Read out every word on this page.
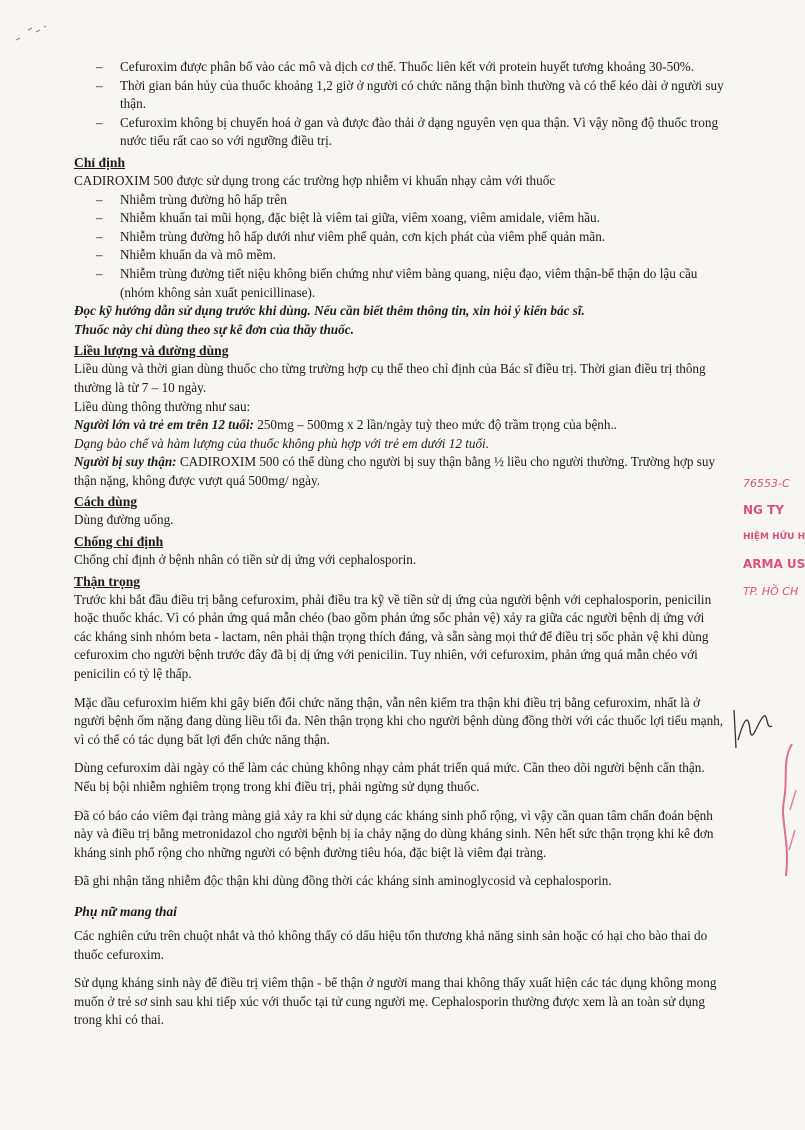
– Cefuroxim được phân bố vào các mô và dịch cơ thể. Thuốc liên kết với protein huyết tương khoảng 30-50%.
– Thời gian bán hủy của thuốc khoảng 1,2 giờ ở người có chức năng thận bình thường và có thể kéo dài ở người suy thận.
– Cefuroxim không bị chuyển hoá ở gan và được đào thải ở dạng nguyên vẹn qua thận. Vì vậy nồng độ thuốc trong nước tiểu rất cao so với ngưỡng điều trị.
Chỉ định

CADIROXIM 500 được sử dụng trong các trường hợp nhiễm vi khuẩn nhạy cảm với thuốc

– Nhiễm trùng đường hô hấp trên
– Nhiễm khuẩn tai mũi họng, đặc biệt là viêm tai giữa, viêm xoang, viêm amidale, viêm hầu.
– Nhiễm trùng đường hô hấp dưới như viêm phế quản, cơn kịch phát của viêm phế quản mãn.
– Nhiễm khuẩn da và mô mềm.
– Nhiễm trùng đường tiết niệu không biến chứng như viêm bàng quang, niệu đạo, viêm thận-bể thận do lậu cầu (nhóm không sản xuất penicillinase).

Đọc kỹ hướng dẫn sử dụng trước khi dùng. Nếu cần biết thêm thông tin, xin hỏi ý kiến bác sĩ.

Thuốc này chỉ dùng theo sự kê đơn của thầy thuốc.

Liều lượng và đường dùng

Liều dùng và thời gian dùng thuốc cho từng trường hợp cụ thể theo chỉ định của Bác sĩ điều trị. Thời gian điều trị thông thường là từ 7 – 10 ngày.

Liều dùng thông thường như sau:

Người lớn và trẻ em trên 12 tuổi: 250mg – 500mg x 2 lần/ngày tuỳ theo mức độ trầm trọng của bệnh..

Dạng bào chế và hàm lượng của thuốc không phù hợp với trẻ em dưới 12 tuổi.

Người bị suy thận: CADIROXIM 500 có thể dùng cho người bị suy thận bằng ½ liều cho người thường. Trường hợp suy thận nặng, không được vượt quá 500mg/ ngày.

Cách dùng

Dùng đường uống.

Chống chỉ định

Chống chỉ định ở bệnh nhân có tiền sử dị ứng với cephalosporin.

Thận trọng

Trước khi bắt đầu điều trị bằng cefuroxim, phải điều tra kỹ về tiền sử dị ứng của người bệnh với cephalosporin, penicilin hoặc thuốc khác. Vì có phản ứng quá mẫn chéo (bao gồm phản ứng sốc phản vệ) xảy ra giữa các người bệnh dị ứng với các kháng sinh nhóm beta - lactam, nên phải thận trọng thích đáng, và sẵn sàng mọi thứ để điều trị sốc phản vệ khi dùng cefuroxim cho người bệnh trước đây đã bị dị ứng với penicilin. Tuy nhiên, với cefuroxim, phản ứng quá mẫn chéo với penicilin có tỷ lệ thấp.

Mặc dầu cefuroxim hiếm khi gây biến đổi chức năng thận, vẫn nên kiểm tra thận khi điều trị bằng cefuroxim, nhất là ở người bệnh ốm nặng đang dùng liều tối đa. Nên thận trọng khi cho người bệnh dùng đồng thời với các thuốc lợi tiểu mạnh, vì có thể có tác dụng bất lợi đến chức năng thận.

Dùng cefuroxim dài ngày có thể làm các chủng không nhạy cảm phát triển quá mức. Cần theo dõi người bệnh cẩn thận. Nếu bị bội nhiễm nghiêm trọng trong khi điều trị, phải ngừng sử dụng thuốc.

Đã có báo cáo viêm đại tràng màng giả xảy ra khi sử dụng các kháng sinh phổ rộng, vì vậy cần quan tâm chẩn đoán bệnh này và điều trị bằng metronidazol cho người bệnh bị ỉa chảy nặng do dùng kháng sinh. Nên hết sức thận trọng khi kê đơn kháng sinh phổ rộng cho những người có bệnh đường tiêu hóa, đặc biệt là viêm đại tràng.

Đã ghi nhận tăng nhiễm độc thận khi dùng đồng thời các kháng sinh aminoglycosid và cephalosporin.

Phụ nữ mang thai

Các nghiên cứu trên chuột nhắt và thỏ không thấy có dấu hiệu tổn thương khả năng sinh sản hoặc có hại cho bào thai do thuốc cefuroxim.

Sử dụng kháng sinh này để điều trị viêm thận - bể thận ở người mang thai không thấy xuất hiện các tác dụng không mong muốn ở trẻ sơ sinh sau khi tiếp xúc với thuốc tại tử cung người mẹ. Cephalosporin thường được xem là an toàn sử dụng trong khi có thai.

76553-C
NG TY
HIỆM HỮU H
ARMA US
TP. HỒ CH
